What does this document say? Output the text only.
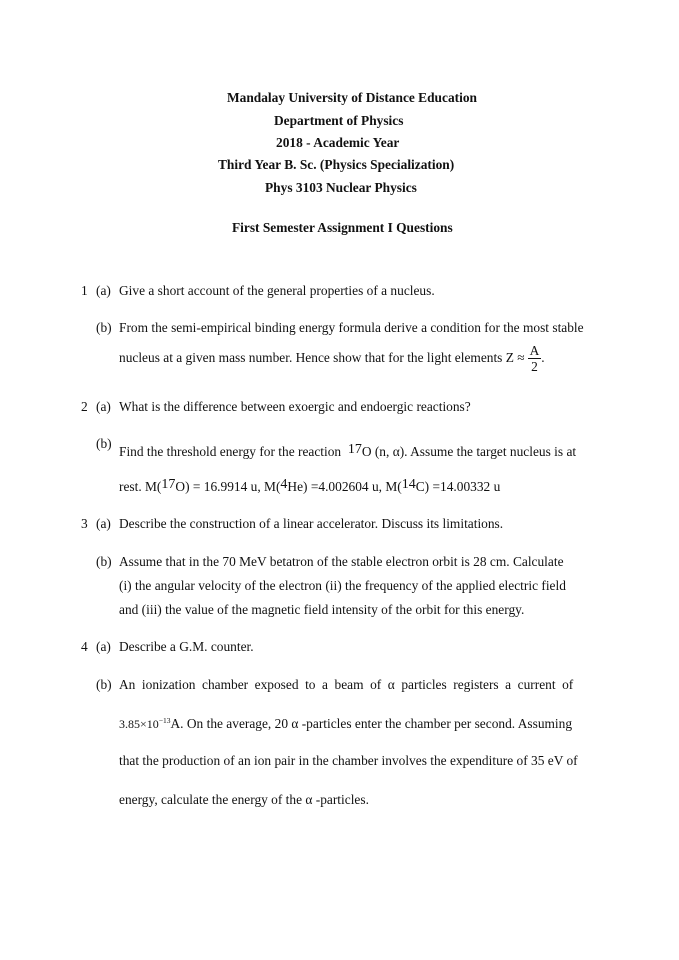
Mandalay University of Distance Education
Department of Physics
2018 - Academic Year
Third Year B. Sc. (Physics Specialization)
Phys 3103 Nuclear Physics
First Semester Assignment I Questions
1 (a) Give a short account of the general properties of a nucleus.
(b) From the semi-empirical binding energy formula derive a condition for the most stable
nucleus at a given mass number. Hence show that for the light elements $Z \approx \frac{A}{2}$ .
2 (a) What is the difference between exoergic and endoergic reactions?
(b)
Find the threshold energy for the reaction $^{17}$O (n, α). Assume the target nucleus is at
rest. M($^{17}$O) = 16.9914 u, M($^4$He) =4.002604 u, M($^{14}$C) =14.00332 u
3 (a) Describe the construction of a linear accelerator. Discuss its limitations.
(b) Assume that in the 70 MeV betatron of the stable electron orbit is 28 cm. Calculate
(i) the angular velocity of the electron (ii) the frequency of the applied electric field
and (iii) the value of the magnetic field intensity of the orbit for this energy.
4 (a) Describe a G.M. counter.
(b) An ionization chamber exposed to a beam of α particles registers a current of
$3.85\times 10^{-13}A$. On the average, 20 α -particles enter the chamber per second. Assuming
that the production of an ion pair in the chamber involves the expenditure of 35 eV of
energy, calculate the energy of the α -particles.
